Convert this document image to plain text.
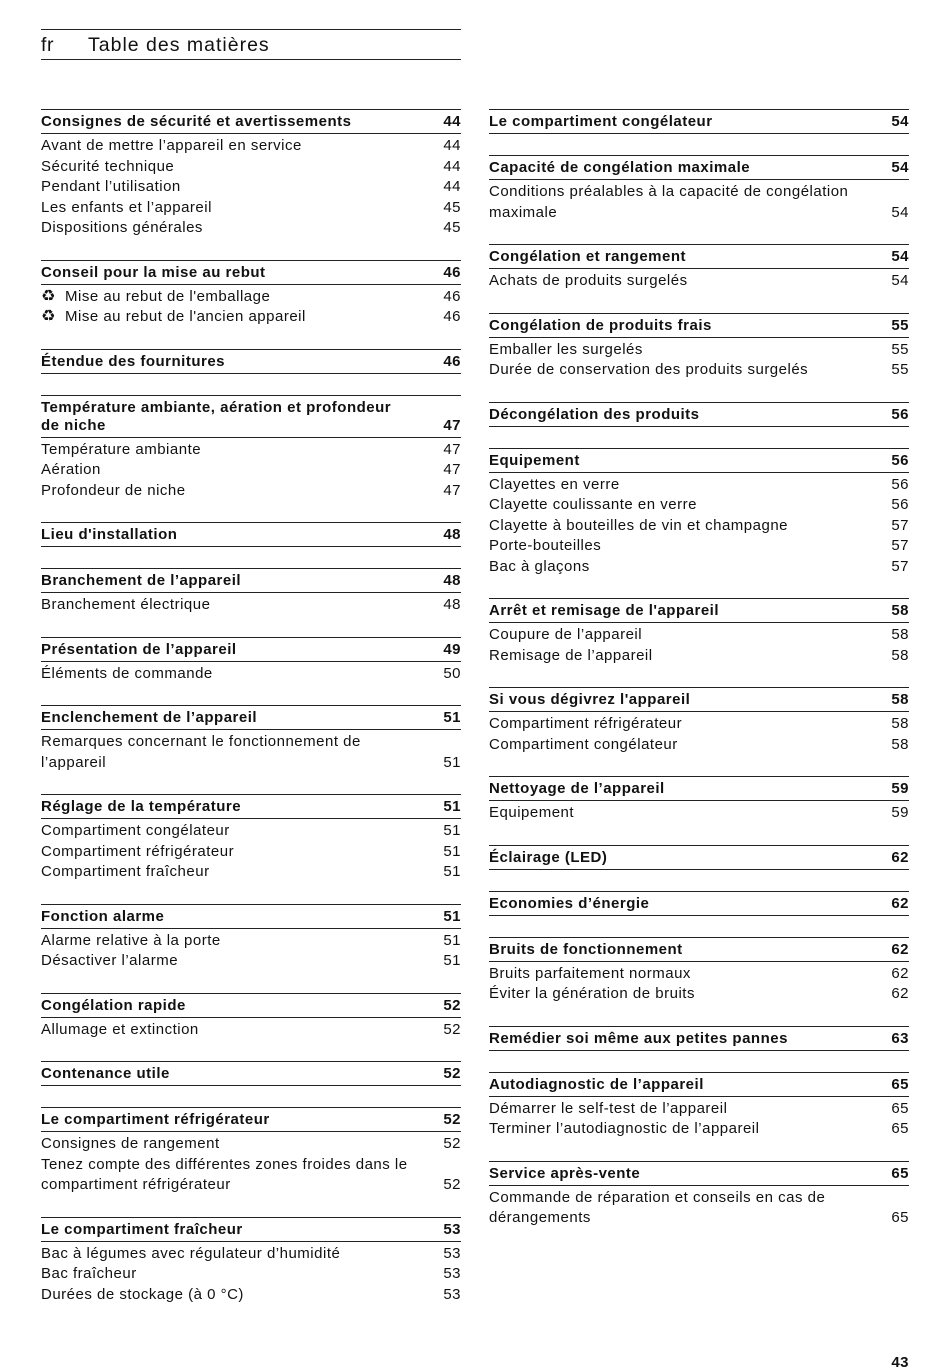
fr Table des matières
Consignes de sécurité et avertissements	44
Avant de mettre l’appareil en service	44
Sécurité technique	44
Pendant l’utilisation	44
Les enfants et l’appareil	45
Dispositions générales	45
Conseil pour la mise au rebut	46
♻ Mise au rebut de l'emballage	46
♻ Mise au rebut de l'ancien appareil	46
Étendue des fournitures	46
Température ambiante, aération et profondeur de niche	47
Température ambiante	47
Aération	47
Profondeur de niche	47
Lieu d'installation	48
Branchement de l’appareil	48
Branchement électrique	48
Présentation de l’appareil	49
Éléments de commande	50
Enclenchement de l’appareil	51
Remarques concernant le fonctionnement de l’appareil	51
Réglage de la température	51
Compartiment congélateur	51
Compartiment réfrigérateur	51
Compartiment fraîcheur	51
Fonction alarme	51
Alarme relative à la porte	51
Désactiver l’alarme	51
Congélation rapide	52
Allumage et extinction	52
Contenance utile	52
Le compartiment réfrigérateur	52
Consignes de rangement	52
Tenez compte des différentes zones froides dans le compartiment réfrigérateur	52
Le compartiment fraîcheur	53
Bac à légumes avec régulateur d’humidité	53
Bac fraîcheur	53
Durées de stockage (à 0 °C)	53
Le compartiment congélateur	54
Capacité de congélation maximale	54
Conditions préalables à la capacité de congélation maximale	54
Congélation et rangement	54
Achats de produits surgelés	54
Congélation de produits frais	55
Emballer les surgelés	55
Durée de conservation des produits surgelés	55
Décongélation des produits	56
Equipement	56
Clayettes en verre	56
Clayette coulissante en verre	56
Clayette à bouteilles de vin et champagne	57
Porte-bouteilles	57
Bac à glaçons	57
Arrêt et remisage de l'appareil	58
Coupure de l’appareil	58
Remisage de l’appareil	58
Si vous dégivrez l'appareil	58
Compartiment réfrigérateur	58
Compartiment congélateur	58
Nettoyage de l’appareil	59
Equipement	59
Éclairage (LED)	62
Economies d’énergie	62
Bruits de fonctionnement	62
Bruits parfaitement normaux	62
Éviter la génération de bruits	62
Remédier soi même aux petites pannes	63
Autodiagnostic de l’appareil	65
Démarrer le self-test de l’appareil	65
Terminer l’autodiagnostic de l’appareil	65
Service après-vente	65
Commande de réparation et conseils en cas de dérangements	65
43
